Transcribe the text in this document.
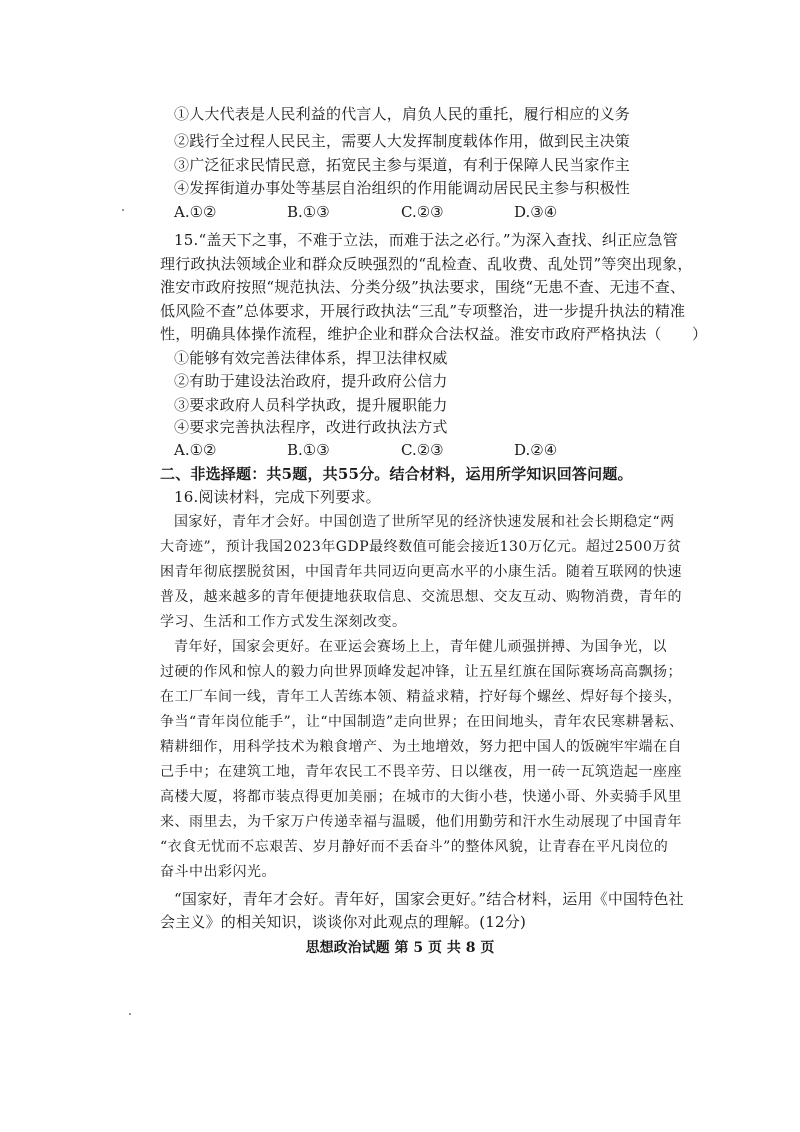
①人大代表是人民利益的代言人，肩负人民的重托，履行相应的义务
②践行全过程人民民主，需要人大发挥制度载体作用，做到民主决策
③广泛征求民情民意，拓宽民主参与渠道，有利于保障人民当家作主
④发挥街道办事处等基层自治组织的作用能调动居民民主参与积极性
A.①②	B.①③	C.②③	D.③④
15.“盖天下之事，不难于立法，而难于法之必行。”为深入查找、纠正应急管
理行政执法领域企业和群众反映强烈的“乱检查、乱收费、乱处罚”等突出现象，
淮安市政府按照“规范执法、分类分级”执法要求，围绕“无患不查、无违不查、
低风险不查”总体要求，开展行政执法“三乱”专项整治，进一步提升执法的精准
性，明确具体操作流程，维护企业和群众合法权益。淮安市政府严格执法（　　）
①能够有效完善法律体系，捍卫法律权威
②有助于建设法治政府，提升政府公信力
③要求政府人员科学执政，提升履职能力
④要求完善执法程序，改进行政执法方式
A.①②	B.①③	C.②③	D.②④
二、非选择题：共5题，共55分。结合材料，运用所学知识回答问题。
16.阅读材料，完成下列要求。
国家好，青年才会好。中国创造了世所罕见的经济快速发展和社会长期稳定“两
大奇迹”，预计我国2023年GDP最终数值可能会接近130万亿元。超过2500万贫
困青年彻底摆脱贫困，中国青年共同迈向更高水平的小康生活。随着互联网的快速
普及，越来越多的青年便捷地获取信息、交流思想、交友互动、购物消费，青年的
学习、生活和工作方式发生深刻改变。
青年好，国家会更好。在亚运会赛场上上，青年健儿顽强拼搏、为国争光，以
过硬的作风和惊人的毅力向世界顶峰发起冲锋，让五星红旗在国际赛场高高飘扬；
在工厂车间一线，青年工人苦练本领、精益求精，拧好每个螺丝、焊好每个接头，
争当“青年岗位能手”，让“中国制造”走向世界；在田间地头，青年农民寒耕暑耘、
精耕细作，用科学技术为粮食增产、为土地增效，努力把中国人的饭碗牢牢端在自
己手中；在建筑工地，青年农民工不畏辛劳、日以继夜，用一砖一瓦筑造起一座座
高楼大厦，将都市装点得更加美丽；在城市的大街小巷，快递小哥、外卖骑手风里
来、雨里去，为千家万户传递幸福与温暖，他们用勤劳和汗水生动展现了中国青年
“衣食无忧而不忘艰苦、岁月静好而不丢奋斗”的整体风貌，让青春在平凡岗位的
奋斗中出彩闪光。
“国家好，青年才会好。青年好，国家会更好。”结合材料，运用《中国特色社
会主义》的相关知识，谈谈你对此观点的理解。(12分)
思想政治试题 第 5 页 共 8 页
